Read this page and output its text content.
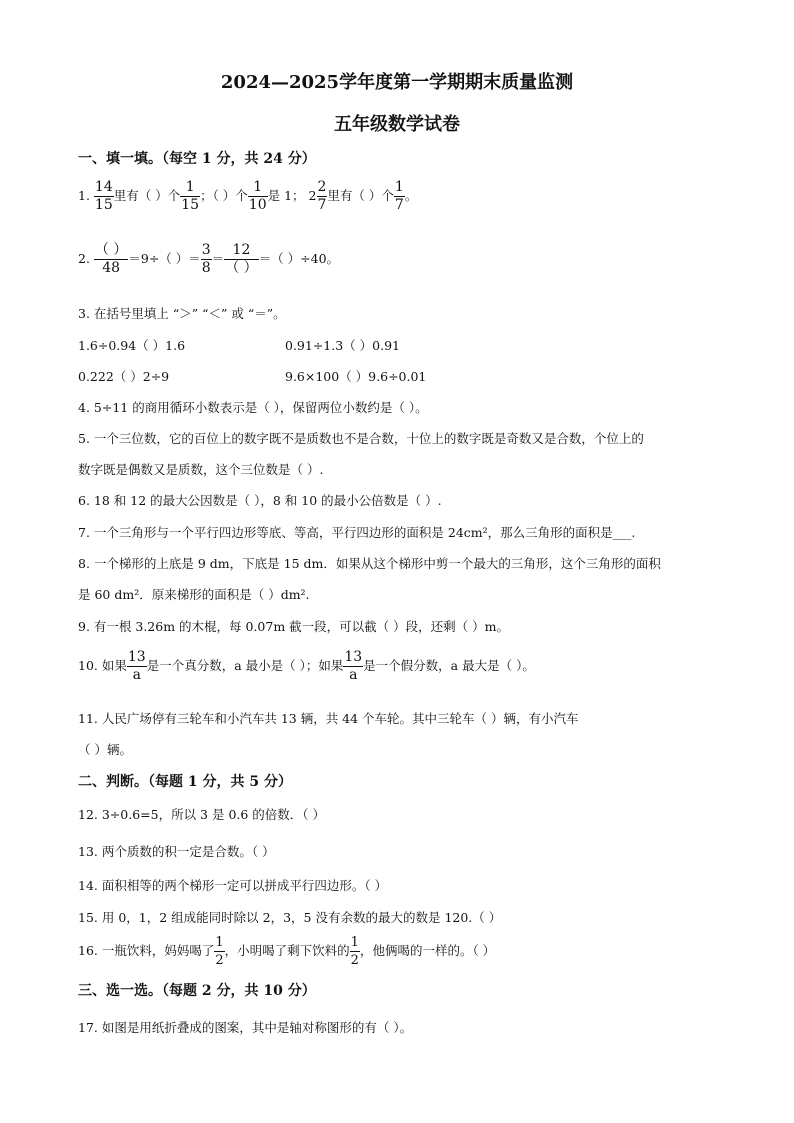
2024—2025学年度第一学期期末质量监测
五年级数学试卷
一、填一填。（每空 1 分，共 24 分）
1. $\frac{14}{15}$ 里有（ ）个 $\frac{1}{15}$ ；（ ）个 $\frac{1}{10}$ 是 1； $2 \frac{2}{7}$ 里有（ ）个 $\frac{1}{7}$ 。
2. $\frac{( )}{48} =9\div$（ ）＝ $\frac{3}{8} = \frac{12}{( )}$ ＝（ ）÷40。
3. 在括号里填上 “＞” “＜” 或 “＝”。
1.6÷0.94（ ）1.6	0.91÷1.3（ ）0.91
0.222（ ）2÷9	9.6×100（ ）9.6÷0.01
4. 5÷11 的商用循环小数表示是（ ），保留两位小数约是（ ）。
5. 一个三位数，它的百位上的数字既不是质数也不是合数，十位上的数字既是奇数又是合数，个位上的
数字既是偶数又是质数，这个三位数是（ ）.
6. 18 和 12 的最大公因数是（ ），8 和 10 的最小公倍数是（ ）.
7. 一个三角形与一个平行四边形等底、等高，平行四边形的面积是 24cm²，那么三角形的面积是___.
8. 一个梯形的上底是 9 dm，下底是 15 dm．如果从这个梯形中剪一个最大的三角形，这个三角形的面积
是 60 dm²．原来梯形的面积是（ ）dm².
9. 有一根 3.26m 的木棍，每 0.07m 截一段，可以截（ ）段，还剩（ ）m。
10. 如果 $\frac{13}{a}$ 是一个真分数，a 最小是（ ）；如果 $\frac{13}{a}$ 是一个假分数，a 最大是（ ）。
11. 人民广场停有三轮车和小汽车共 13 辆，共 44 个车轮。其中三轮车（ ）辆，有小汽车
（ ）辆。
二、判断。（每题 1 分，共 5 分）
12. 3÷0.6=5，所以 3 是 0.6 的倍数．（ ）
13. 两个质数的积一定是合数。（ ）
14. 面积相等的两个梯形一定可以拼成平行四边形。（ ）
15. 用 0，1，2 组成能同时除以 2，3，5 没有余数的最大的数是 120.（ ）
16. 一瓶饮料，妈妈喝了 $\frac{1}{2}$ ，小明喝了剩下饮料的 $\frac{1}{2}$ ，他俩喝的一样的。（ ）
三、选一选。（每题 2 分，共 10 分）
17. 如图是用纸折叠成的图案，其中是轴对称图形的有（ ）。
